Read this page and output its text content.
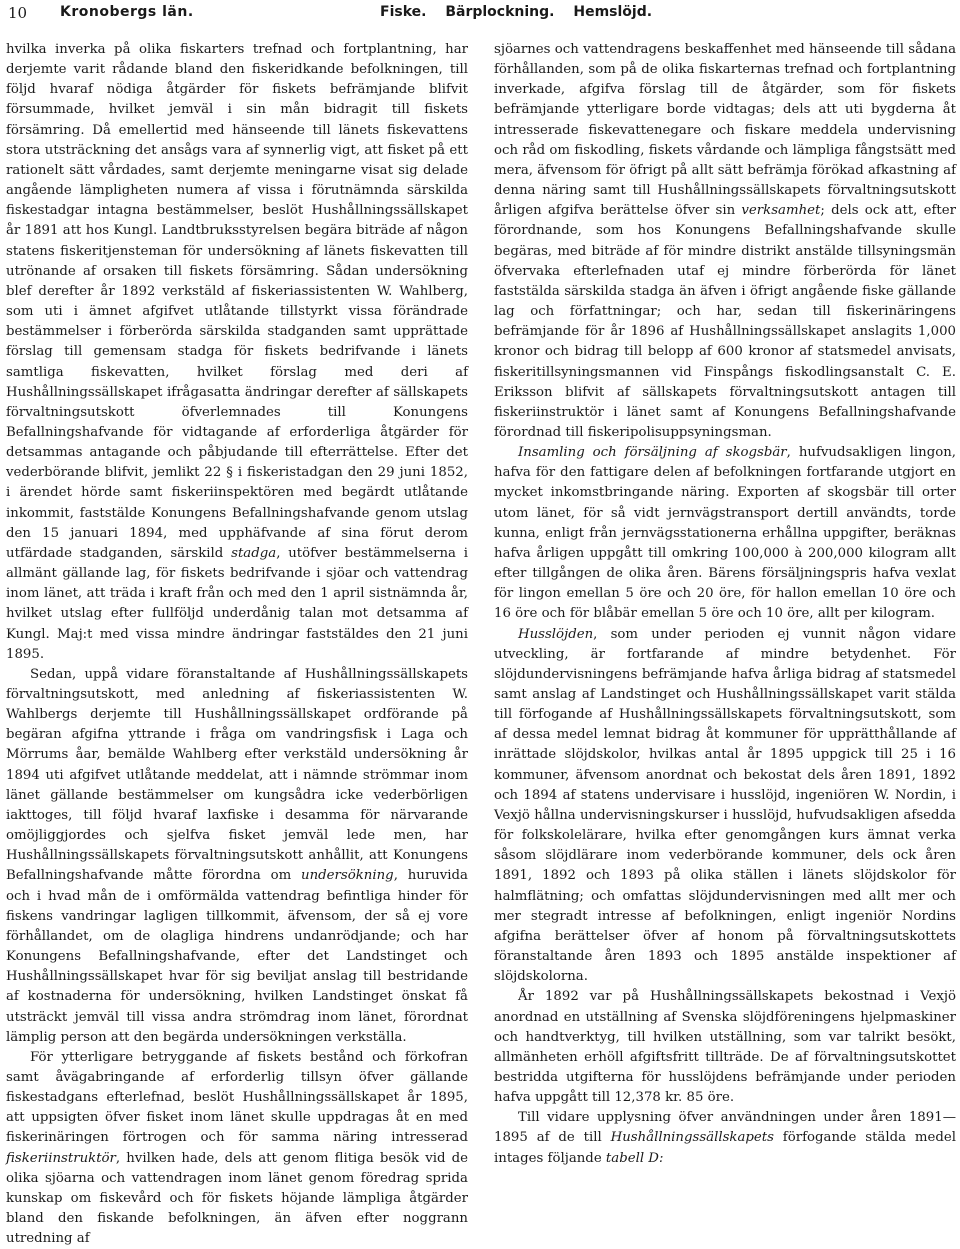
10 Kronobergs län.	Fiske. Bärplockning. Hemslöjd.

hvilka inverka på olika fiskarters trefnad och fortplantning, har derjemte varit rådande bland den fiskeridkande befolkningen, till följd hvaraf nödiga åtgärder för fiskets befrämjande blifvit försummade, hvilket jemväl i sin mån bidragit till fiskets försämring. Då emellertid med hänseende till länets fiskevattens stora utsträckning det ansågs vara af synnerlig vigt, att fisket på ett rationelt sätt vårdades, samt derjemte meningarne visat sig delade angående lämpligheten numera af vissa i förutnämnda särskilda fiskestadgar intagna bestämmelser, beslöt Hushållningssällskapet år 1891 att hos Kungl. Landtbruksstyrelsen begära biträde af någon statens fiskeritjensteman för undersökning af länets fiskevatten till utrönande af orsaken till fiskets försämring. Sådan undersökning blef derefter år 1892 verkstäld af fiskeriassistenten W. Wahlberg, som uti i ämnet afgifvet utlåtande tillstyrkt vissa förändrade bestämmelser i förberörda särskilda stadganden samt upprättade förslag till gemensam stadga för fiskets bedrifvande i länets samtliga fiskevatten, hvilket förslag med deri af Hushållningssällskapet ifrågasatta ändringar derefter af sällskapets förvaltningsutskott öfverlemnades till Konungens Befallningshafvande för vidtagande af erforderliga åtgärder för detsammas antagande och påbjudande till efterrättelse. Efter det vederbörande blifvit, jemlikt 22 § i fiskeristadgan den 29 juni 1852, i ärendet hörde samt fiskeriinspektören med begärdt utlåtande inkommit, faststälde Konungens Befallningshafvande genom utslag den 15 januari 1894, med upphäfvande af sina förut derom utfärdade stadganden, särskild stadga, utöfver bestämmelserna i allmänt gällande lag, för fiskets bedrifvande i sjöar och vattendrag inom länet, att träda i kraft från och med den 1 april sistnämnda år, hvilket utslag efter fullföljd underdånig talan mot detsamma af Kungl. Maj:t med vissa mindre ändringar faststäldes den 21 juni 1895.

Sedan, uppå vidare föranstaltande af Hushållningssällskapets förvaltningsutskott, med anledning af fiskeriassistenten W. Wahlbergs derjemte till Hushållningssällskapet ordförande på begäran afgifna yttrande i fråga om vandringsfisk i Laga och Mörrums åar, bemälde Wahlberg efter verkstäld undersökning år 1894 uti afgifvet utlåtande meddelat, att i nämnde strömmar inom länet gällande bestämmelser om kungsådra icke vederbörligen iakttoges, till följd hvaraf laxfiske i desamma för närvarande omöjliggjordes och sjelfva fisket jemväl lede men, har Hushållningssällskapets förvaltningsutskott anhållit, att Konungens Befallningshafvande måtte förordna om undersökning, huruvida och i hvad mån de i omförmälda vattendrag befintliga hinder för fiskens vandringar lagligen tillkommit, äfvensom, der så ej vore förhållandet, om de olagliga hindrens undanrödjande; och har Konungens Befallningshafvande, efter det Landstinget och Hushållningssällskapet hvar för sig beviljat anslag till bestridande af kostnaderna för undersökning, hvilken Landstinget önskat få utsträckt jemväl till vissa andra strömdrag inom länet, förordnat lämplig person att den begärda undersökningen verkställa.

För ytterligare betryggande af fiskets bestånd och förkofran samt åvägabringande af erforderlig tillsyn öfver gällande fiskestadgans efterlefnad, beslöt Hushållningssällskapet år 1895, att uppsigten öfver fisket inom länet skulle uppdragas åt en med fiskerinäringen förtrogen och för samma näring intresserad fiskeriinstruktör, hvilken hade, dels att genom flitiga besök vid de olika sjöarna och vattendragen inom länet genom föredrag sprida kunskap om fiskevård och för fiskets höjande lämpliga åtgärder bland den fiskande befolkningen, än äfven efter noggrann utredning af

sjöarnes och vattendragens beskaffenhet med hänseende till sådana förhållanden, som på de olika fiskarternas trefnad och fortplantning inverkade, afgifva förslag till de åtgärder, som för fiskets befrämjande ytterligare borde vidtagas; dels att uti bygderna åt intresserade fiskevattenegare och fiskare meddela undervisning och råd om fiskodling, fiskets vårdande och lämpliga fångstsätt med mera, äfvensom för öfrigt på allt sätt befrämja förökad afkastning af denna näring samt till Hushållningssällskapets förvaltningsutskott årligen afgifva berättelse öfver sin verksamhet; dels ock att, efter förordnande, som hos Konungens Befallningshafvande skulle begäras, med biträde af för mindre distrikt anstälde tillsyningsmän öfvervaka efterlefnaden utaf ej mindre förberörda för länet faststälda särskilda stadga än äfven i öfrigt angående fiske gällande lag och författningar; och har, sedan till fiskerinäringens befrämjande för år 1896 af Hushållningssällskapet anslagits 1,000 kronor och bidrag till belopp af 600 kronor af statsmedel anvisats, fiskeritillsyningsmannen vid Finspångs fiskodlingsanstalt C. E. Eriksson blifvit af sällskapets förvaltningsutskott antagen till fiskeriinstruktör i länet samt af Konungens Befallningshafvande förordnad till fiskeripolisuppsyningsman.

Insamling och försäljning af skogsbär, hufvudsakligen lingon, hafva för den fattigare delen af befolkningen fortfarande utgjort en mycket inkomstbringande näring. Exporten af skogsbär till orter utom länet, för så vidt jernvägstransport dertill användts, torde kunna, enligt från jernvägsstationerna erhållna uppgifter, beräknas hafva årligen uppgått till omkring 100,000 à 200,000 kilogram allt efter tillgången de olika åren. Bärens försäljningspris hafva vexlat för lingon emellan 5 öre och 20 öre, för hallon emellan 10 öre och 16 öre och för blåbär emellan 5 öre och 10 öre, allt per kilogram.

Husslöjden, som under perioden ej vunnit någon vidare utveckling, är fortfarande af mindre betydenhet. För slöjdundervisningens befrämjande hafva årliga bidrag af statsmedel samt anslag af Landstinget och Hushållningssällskapet varit stälda till förfogande af Hushållningssällskapets förvaltningsutskott, som af dessa medel lemnat bidrag åt kommuner för upprätthållande af inrättade slöjdskolor, hvilkas antal år 1895 uppgick till 25 i 16 kommuner, äfvensom anordnat och bekostat dels åren 1891, 1892 och 1894 af statens undervisare i husslöjd, ingeniören W. Nordin, i Vexjö hållna undervisningskurser i husslöjd, hufvudsakligen afsedda för folkskolelärare, hvilka efter genomgången kurs ämnat verka såsom slöjdlärare inom vederbörande kommuner, dels ock åren 1891, 1892 och 1893 på olika ställen i länets slöjdskolor för halmflätning; och omfattas slöjdundervisningen med allt mer och mer stegradt intresse af befolkningen, enligt ingeniör Nordins afgifna berättelser öfver af honom på förvaltningsutskottets föranstaltande åren 1893 och 1895 anstälde inspektioner af slöjdskolorna.

År 1892 var på Hushållningssällskapets bekostnad i Vexjö anordnad en utställning af Svenska slöjdföreningens hjelpmaskiner och handtverktyg, till hvilken utställning, som var talrikt besökt, allmänheten erhöll afgiftsfritt tillträde. De af förvaltningsutskottet bestridda utgifterna för husslöjdens befrämjande under perioden hafva uppgått till 12,378 kr. 85 öre.

Till vidare upplysning öfver användningen under åren 1891—1895 af de till Hushållningssällskapets förfogande stälda medel intages följande tabell D:
